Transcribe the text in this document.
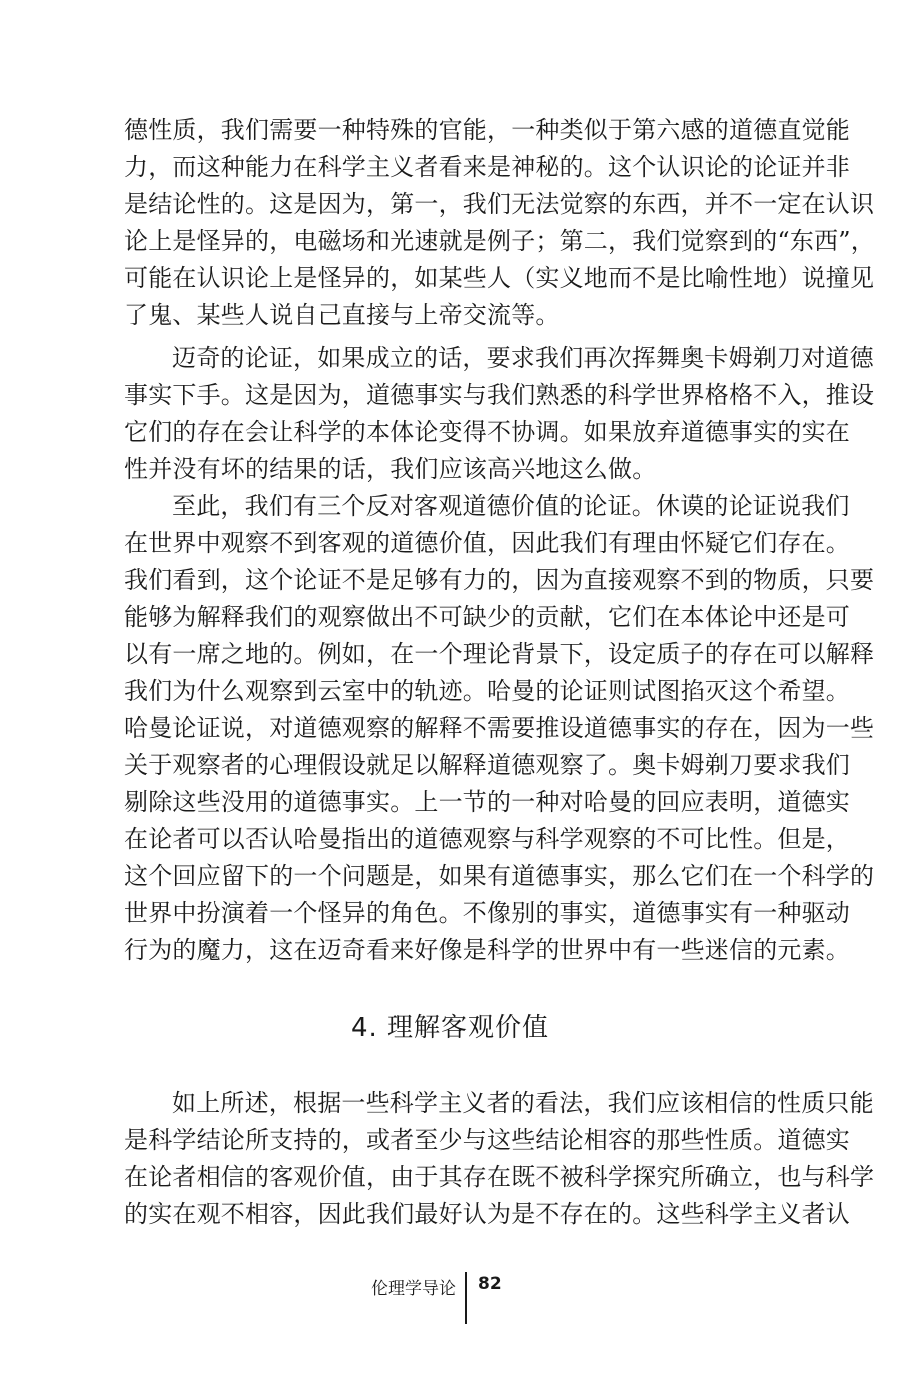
德性质，我们需要一种特殊的官能，一种类似于第六感的道德直觉能
力，而这种能力在科学主义者看来是神秘的。这个认识论的论证并非
是结论性的。这是因为，第一，我们无法觉察的东西，并不一定在认识
论上是怪异的，电磁场和光速就是例子；第二，我们觉察到的“东西”，
可能在认识论上是怪异的，如某些人（实义地而不是比喻性地）说撞见
了鬼、某些人说自己直接与上帝交流等。
迈奇的论证，如果成立的话，要求我们再次挥舞奥卡姆剃刀对道德
事实下手。这是因为，道德事实与我们熟悉的科学世界格格不入，推设
它们的存在会让科学的本体论变得不协调。如果放弃道德事实的实在
性并没有坏的结果的话，我们应该高兴地这么做。
至此，我们有三个反对客观道德价值的论证。休谟的论证说我们
在世界中观察不到客观的道德价值，因此我们有理由怀疑它们存在。
我们看到，这个论证不是足够有力的，因为直接观察不到的物质，只要
能够为解释我们的观察做出不可缺少的贡献，它们在本体论中还是可
以有一席之地的。例如，在一个理论背景下，设定质子的存在可以解释
我们为什么观察到云室中的轨迹。哈曼的论证则试图掐灭这个希望。
哈曼论证说，对道德观察的解释不需要推设道德事实的存在，因为一些
关于观察者的心理假设就足以解释道德观察了。奥卡姆剃刀要求我们
剔除这些没用的道德事实。上一节的一种对哈曼的回应表明，道德实
在论者可以否认哈曼指出的道德观察与科学观察的不可比性。但是，
这个回应留下的一个问题是，如果有道德事实，那么它们在一个科学的
世界中扮演着一个怪异的角色。不像别的事实，道德事实有一种驱动
行为的魔力，这在迈奇看来好像是科学的世界中有一些迷信的元素。
4. 理解客观价值
如上所述，根据一些科学主义者的看法，我们应该相信的性质只能
是科学结论所支持的，或者至少与这些结论相容的那些性质。道德实
在论者相信的客观价值，由于其存在既不被科学探究所确立，也与科学
的实在观不相容，因此我们最好认为是不存在的。这些科学主义者认
伦理学导论 82
